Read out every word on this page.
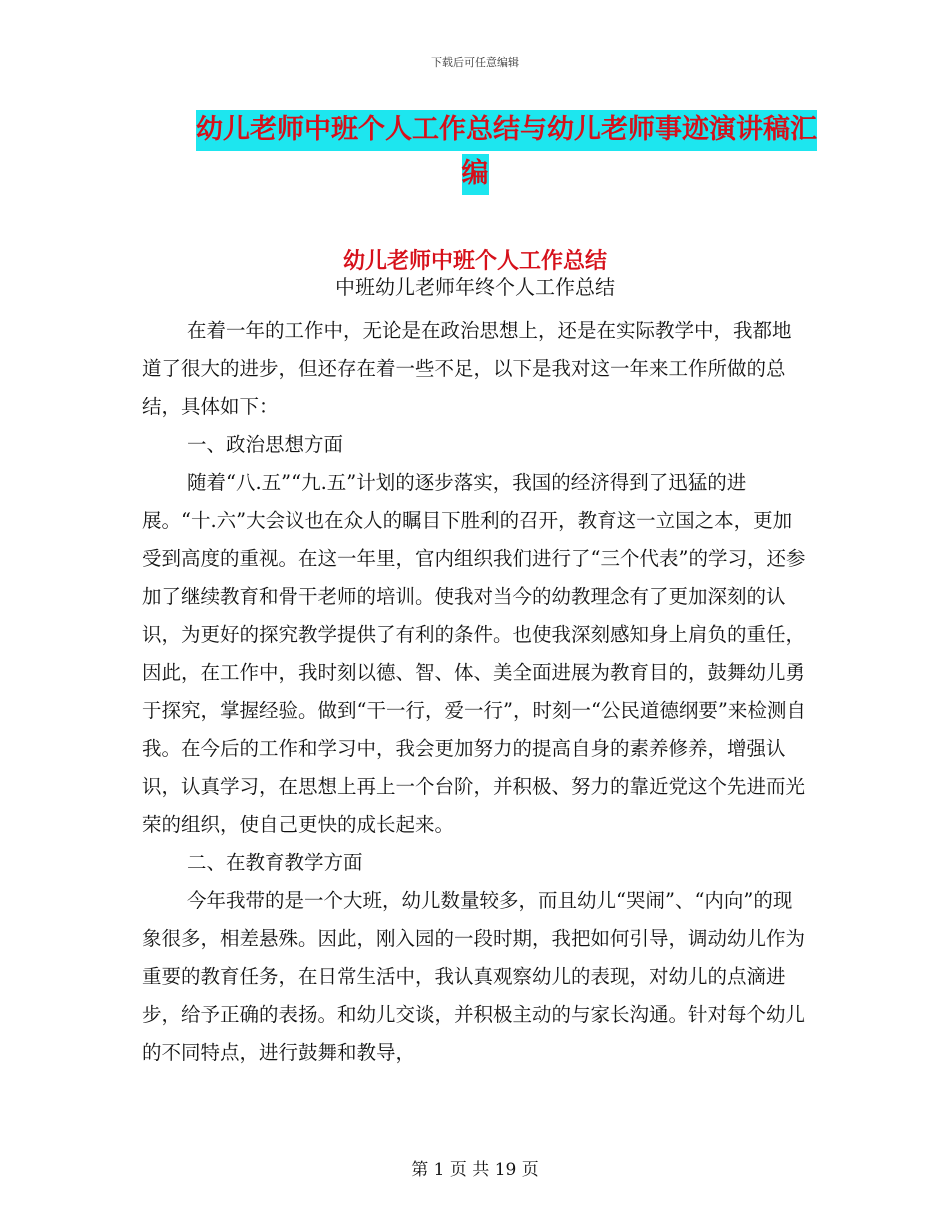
下载后可任意编辑
幼儿老师中班个人工作总结与幼儿老师事迹演讲稿汇
编
幼儿老师中班个人工作总结
中班幼儿老师年终个人工作总结

在着一年的工作中，无论是在政治思想上，还是在实际教学中，我都地道了很大的进步，但还存在着一些不足，以下是我对这一年来工作所做的总结，具体如下：

一、政治思想方面

随着“八.五”“九.五”计划的逐步落实，我国的经济得到了迅猛的进展。“十.六”大会议也在众人的瞩目下胜利的召开，教育这一立国之本，更加受到高度的重视。在这一年里，官内组织我们进行了“三个代表”的学习，还参加了继续教育和骨干老师的培训。使我对当今的幼教理念有了更加深刻的认识，为更好的探究教学提供了有利的条件。也使我深刻感知身上肩负的重任，因此，在工作中，我时刻以德、智、体、美全面进展为教育目的，鼓舞幼儿勇于探究，掌握经验。做到“干一行，爱一行”，时刻一“公民道德纲要”来检测自我。在今后的工作和学习中，我会更加努力的提高自身的素养修养，增强认识，认真学习，在思想上再上一个台阶，并积极、努力的靠近党这个先进而光荣的组织，使自己更快的成长起来。

二、在教育教学方面

今年我带的是一个大班，幼儿数量较多，而且幼儿“哭闹”、“内向”的现象很多，相差悬殊。因此，刚入园的一段时期，我把如何引导，调动幼儿作为重要的教育任务，在日常生活中，我认真观察幼儿的表现，对幼儿的点滴进步，给予正确的表扬。和幼儿交谈，并积极主动的与家长沟通。针对每个幼儿的不同特点，进行鼓舞和教导，

第 1 页 共 19 页
